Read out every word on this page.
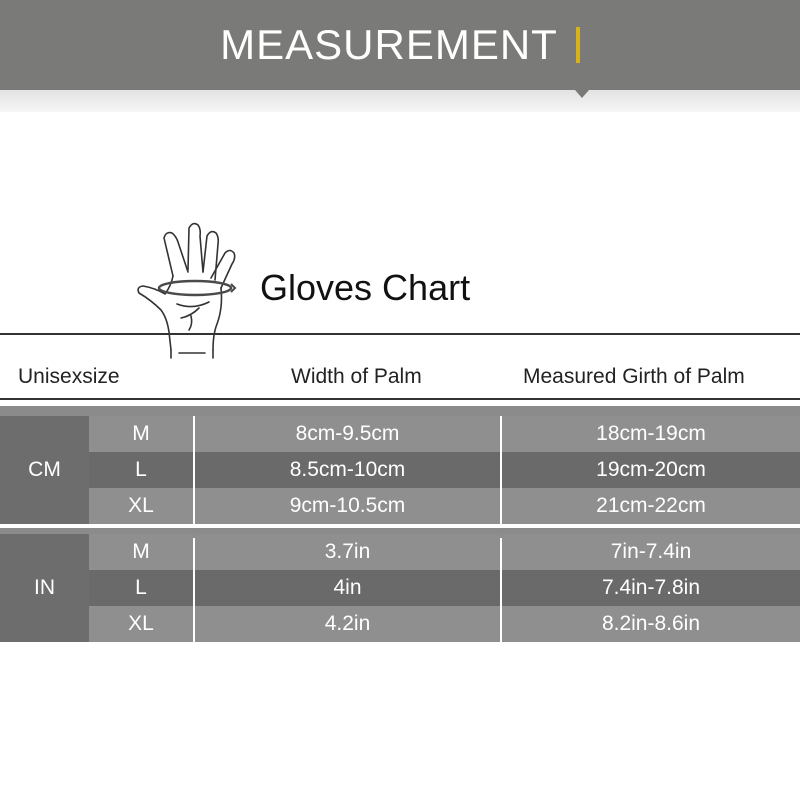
MEASUREMENT
Gloves Chart
Unisexsize	Width of Palm	Measured Girth of Palm
CM
M	8cm-9.5cm	18cm-19cm
L	8.5cm-10cm	19cm-20cm
XL	9cm-10.5cm	21cm-22cm
IN
M	3.7in	7in-7.4in
L	4in	7.4in-7.8in
XL	4.2in	8.2in-8.6in
